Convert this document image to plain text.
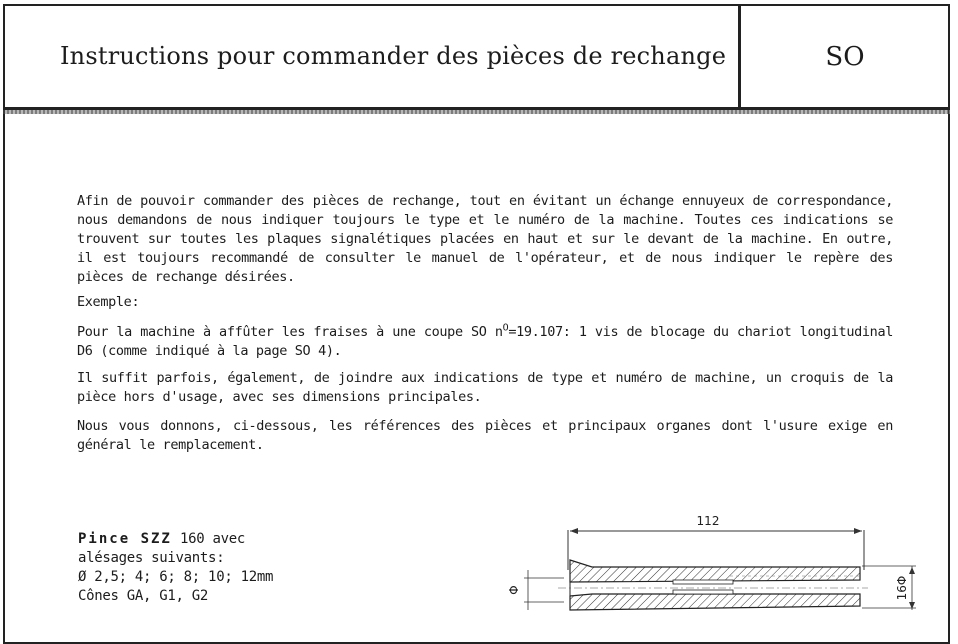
Instructions pour commander des pièces de rechange	SO
Afin de pouvoir commander des pièces de rechange, tout en évitant un échange ennuyeux de correspondance, nous demandons de nous indiquer toujours le type et le numéro de la machine. Toutes ces indications se trouvent sur toutes les plaques signalétiques placées en haut et sur le devant de la machine. En outre, il est toujours recommandé de consulter le manuel de l'opérateur, et de nous indiquer le repère des pièces de rechange désirées.
Exemple:
Pour la machine à affûter les fraises à une coupe SO $n^O=19.107$: 1 vis de blocage du chariot longitudinal D6 (comme indiqué à la page SO 4).
Il suffit parfois, également, de joindre aux indications de type et numéro de machine, un croquis de la pièce hors d'usage, avec ses dimensions principales.
Nous vous donnons, ci-dessous, les références des pièces et principaux organes dont l'usure exige en général le remplacement.
Pince SZZ 160 avec
alésages suivants:
Ø 2,5; 4; 6; 8; 10; 12mm
Cônes GA, G1, G2
112
Φ	16Φ
